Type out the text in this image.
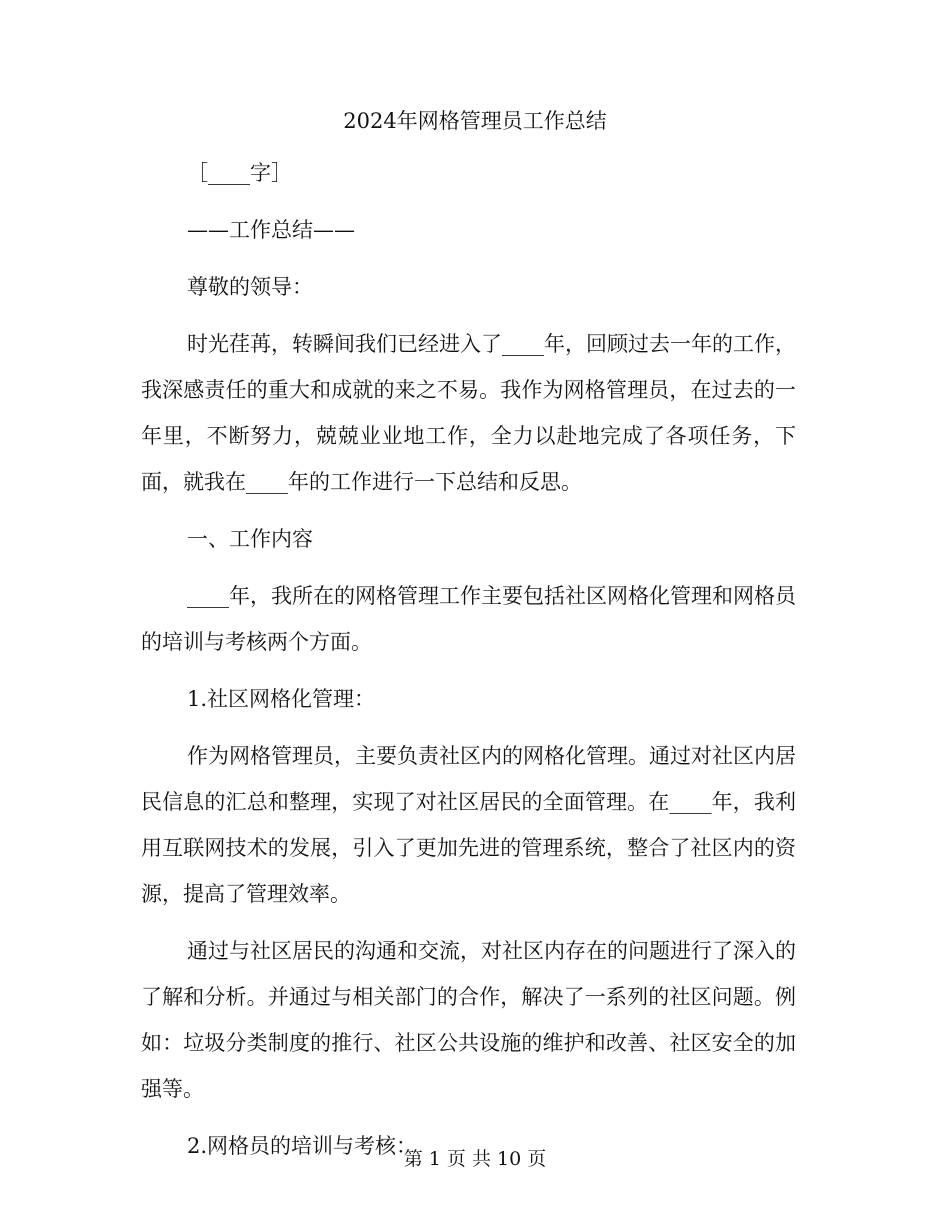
2024年网格管理员工作总结

［____字］

——工作总结——

尊敬的领导：

时光荏苒，转瞬间我们已经进入了____年，回顾过去一年的工作，我深感责任的重大和成就的来之不易。我作为网格管理员，在过去的一年里，不断努力，兢兢业业地工作，全力以赴地完成了各项任务，下面，就我在____年的工作进行一下总结和反思。

一、工作内容

____年，我所在的网格管理工作主要包括社区网格化管理和网格员的培训与考核两个方面。

1.社区网格化管理：

作为网格管理员，主要负责社区内的网格化管理。通过对社区内居民信息的汇总和整理，实现了对社区居民的全面管理。在____年，我利用互联网技术的发展，引入了更加先进的管理系统，整合了社区内的资源，提高了管理效率。

通过与社区居民的沟通和交流，对社区内存在的问题进行了深入的了解和分析。并通过与相关部门的合作，解决了一系列的社区问题。例如：垃圾分类制度的推行、社区公共设施的维护和改善、社区安全的加强等。

2.网格员的培训与考核：

第 1 页 共 10 页
